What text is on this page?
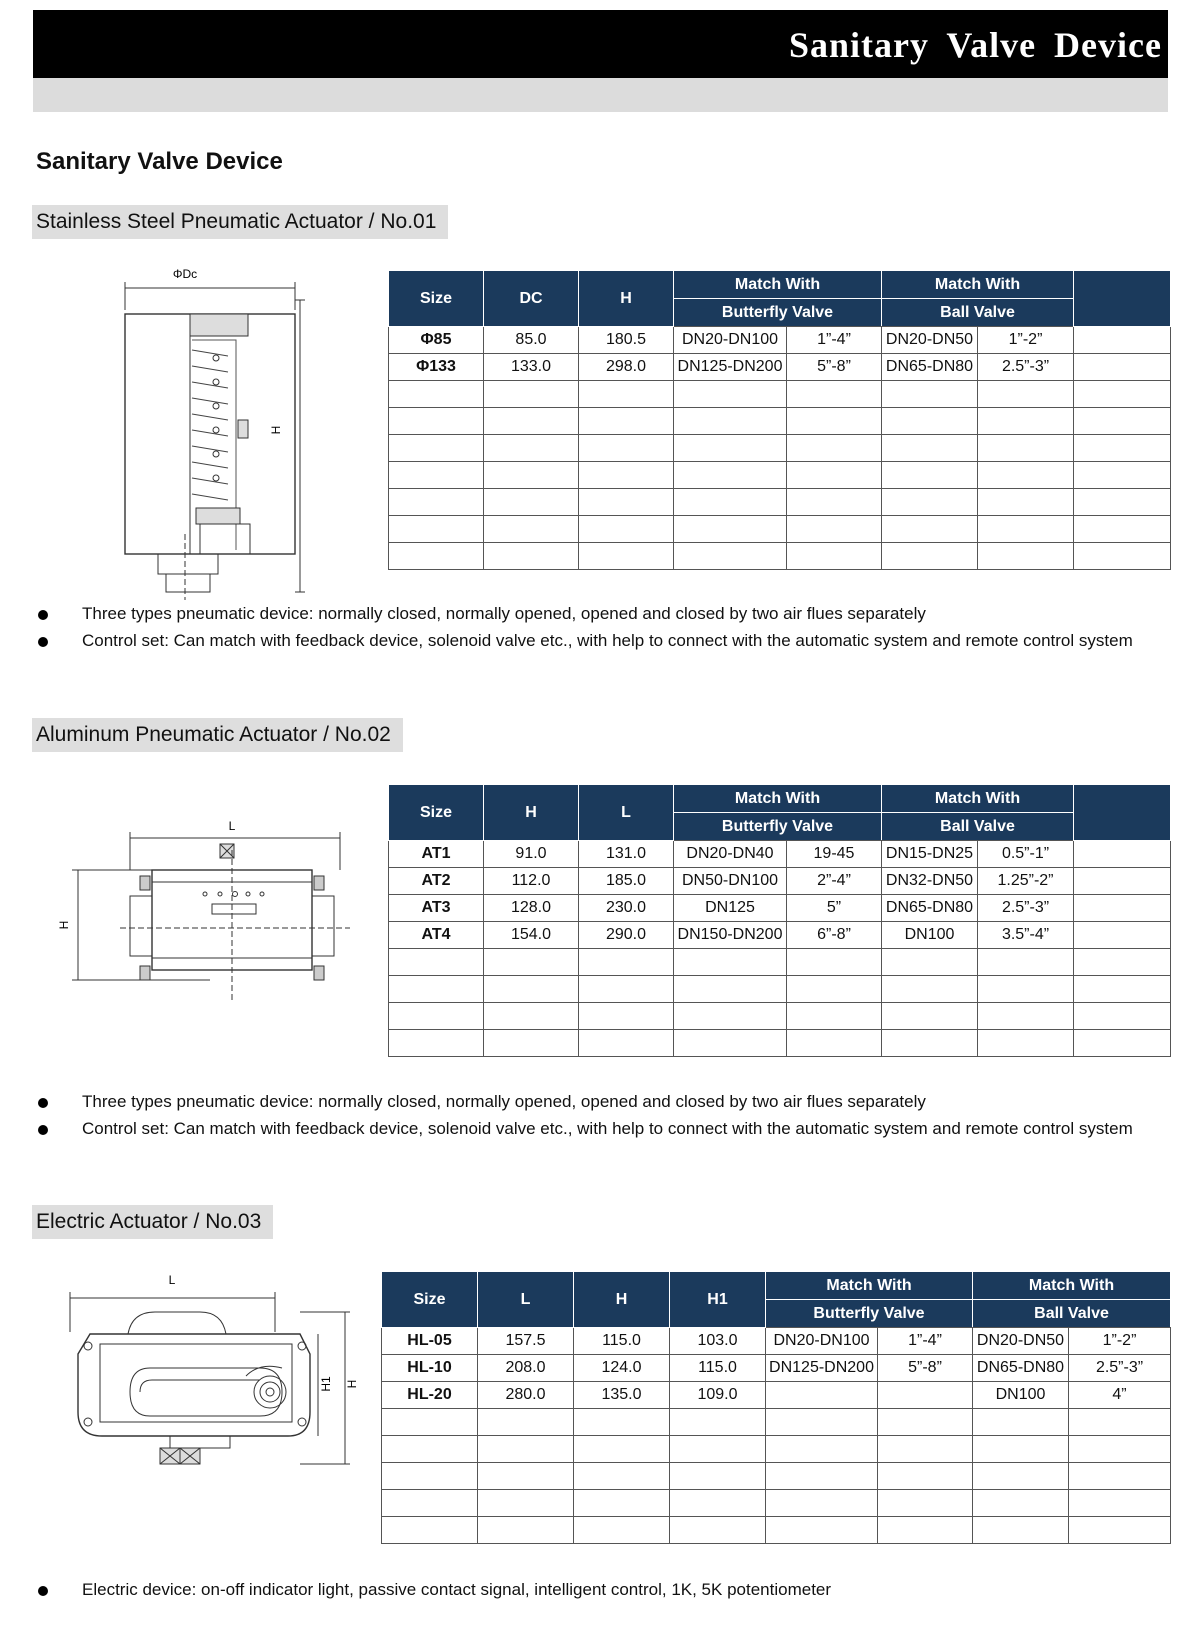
Sanitary Valve Device
Sanitary Valve Device
Stainless Steel Pneumatic Actuator / No.01
ΦDc
H
Size	DC	H	Match With		Match With		
			Butterfly Valve		Ball Valve		
Φ85	85.0	180.5	DN20-DN100	1”-4”	DN20-DN50	1”-2”	
Φ133	133.0	298.0	DN125-DN200	5”-8”	DN65-DN80	2.5”-3”	

Three types pneumatic device: normally closed, normally opened, opened and closed by two air flues separately
Control set: Can match with feedback device, solenoid valve etc., with help to connect with the automatic system and remote control system
Aluminum Pneumatic Actuator / No.02
L
H
Size	H	L	Match With		Match With		
			Butterfly Valve		Ball Valve		
AT1	91.0	131.0	DN20-DN40	19-45	DN15-DN25	0.5”-1”	
AT2	112.0	185.0	DN50-DN100	2”-4”	DN32-DN50	1.25”-2”	
AT3	128.0	230.0	DN125	5”	DN65-DN80	2.5”-3”	
AT4	154.0	290.0	DN150-DN200	6”-8”	DN100	3.5”-4”	

Three types pneumatic device: normally closed, normally opened, opened and closed by two air flues separately
Control set: Can match with feedback device, solenoid valve etc., with help to connect with the automatic system and remote control system
Electric Actuator / No.03
L
H1 H
Size	L	H	H1	Match With		Match With	
				Butterfly Valve		Ball Valve	
HL-05	157.5	115.0	103.0	DN20-DN100	1”-4”	DN20-DN50	1”-2”
HL-10	208.0	124.0	115.0	DN125-DN200	5”-8”	DN65-DN80	2.5”-3”
HL-20	280.0	135.0	109.0			DN100	4”

Electric device: on-off indicator light, passive contact signal, intelligent control, 1K, 5K potentiometer
